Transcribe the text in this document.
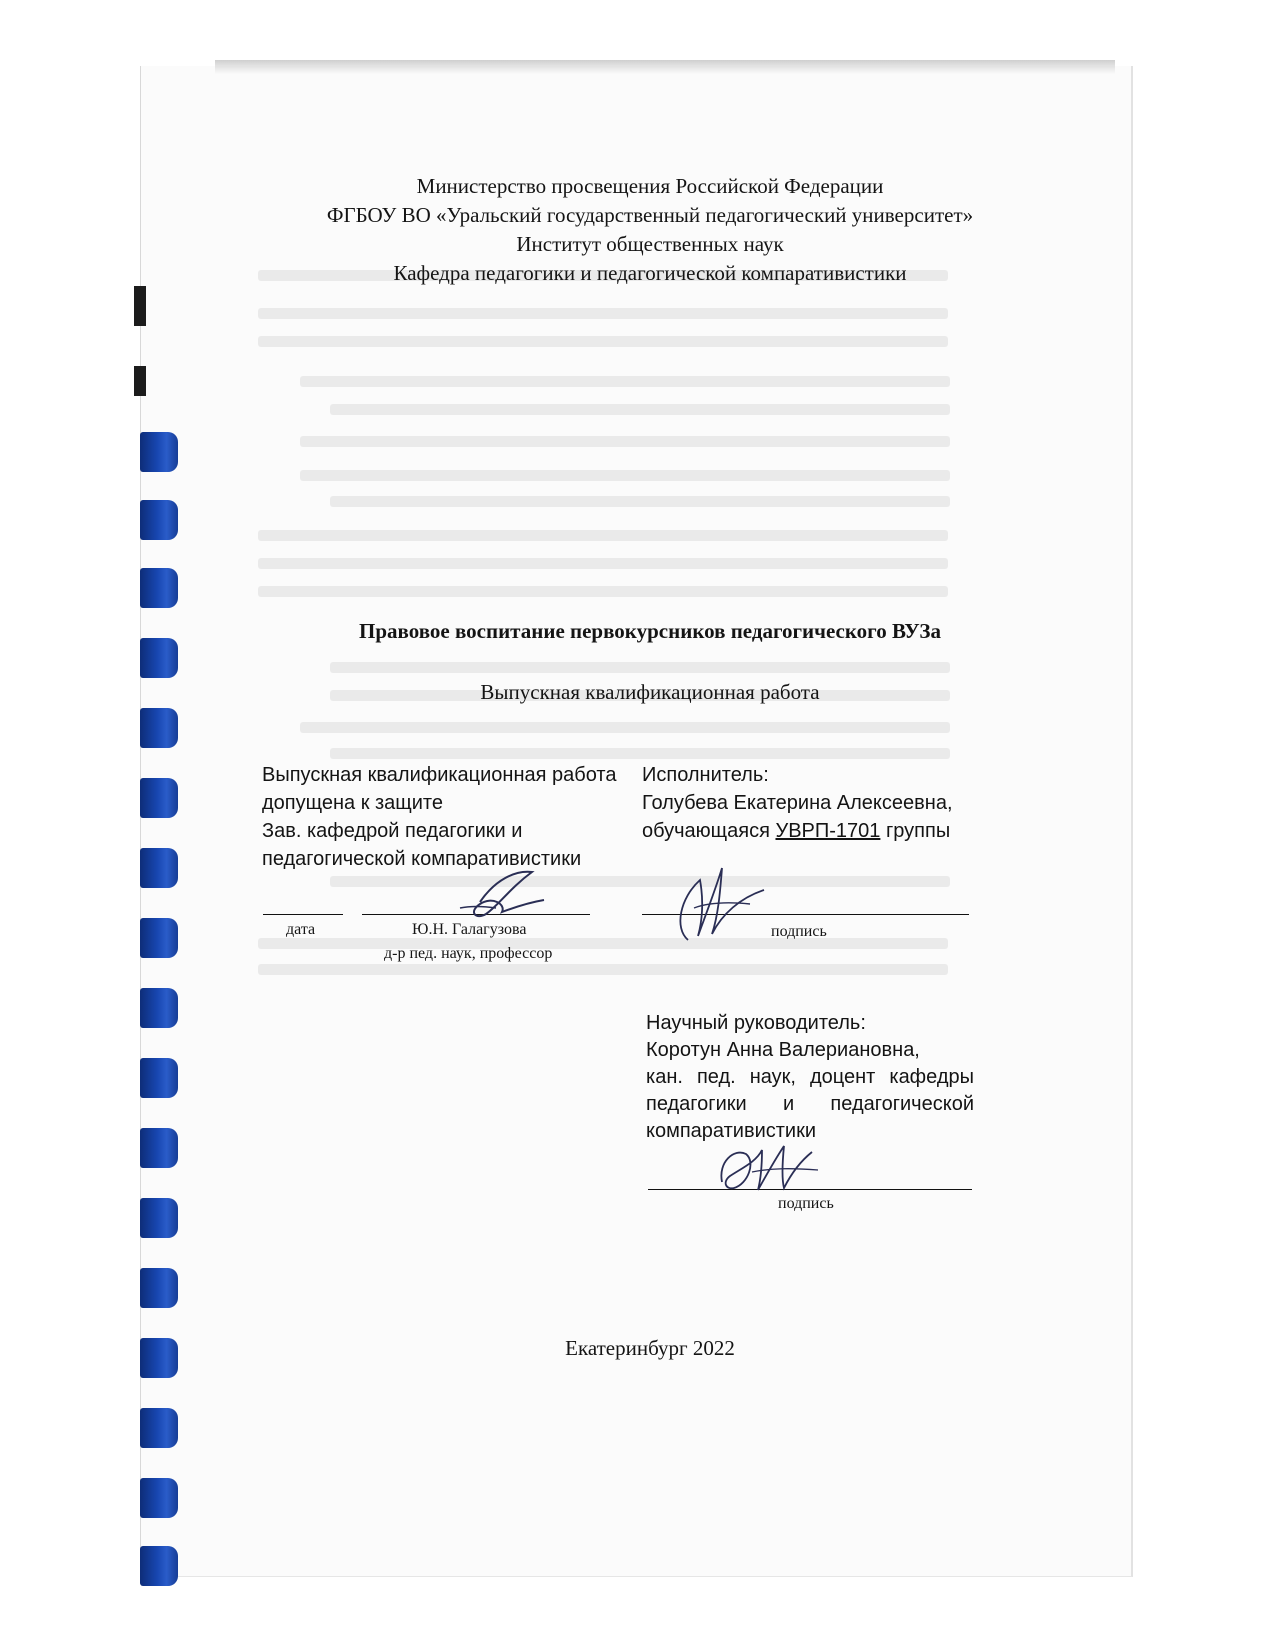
Министерство просвещения Российской Федерации
ФГБОУ ВО «Уральский государственный педагогический университет»
Институт общественных наук
Кафедра педагогики и педагогической компаративистики
Правовое воспитание первокурсников педагогического ВУЗа
Выпускная квалификационная работа
Выпускная квалификационная работа
допущена к защите
Зав. кафедрой педагогики и
педагогической компаративистики
Исполнитель:
Голубева Екатерина Алексеевна,
обучающаяся УВРП-1701 группы
дата	Ю.Н. Галагузова
д-р пед. наук, профессор
подпись
Научный руководитель:
Коротун Анна Валериановна,
кан. пед. наук, доцент кафедры
педагогики и педагогической
компаративистики
подпись
Екатеринбург 2022
